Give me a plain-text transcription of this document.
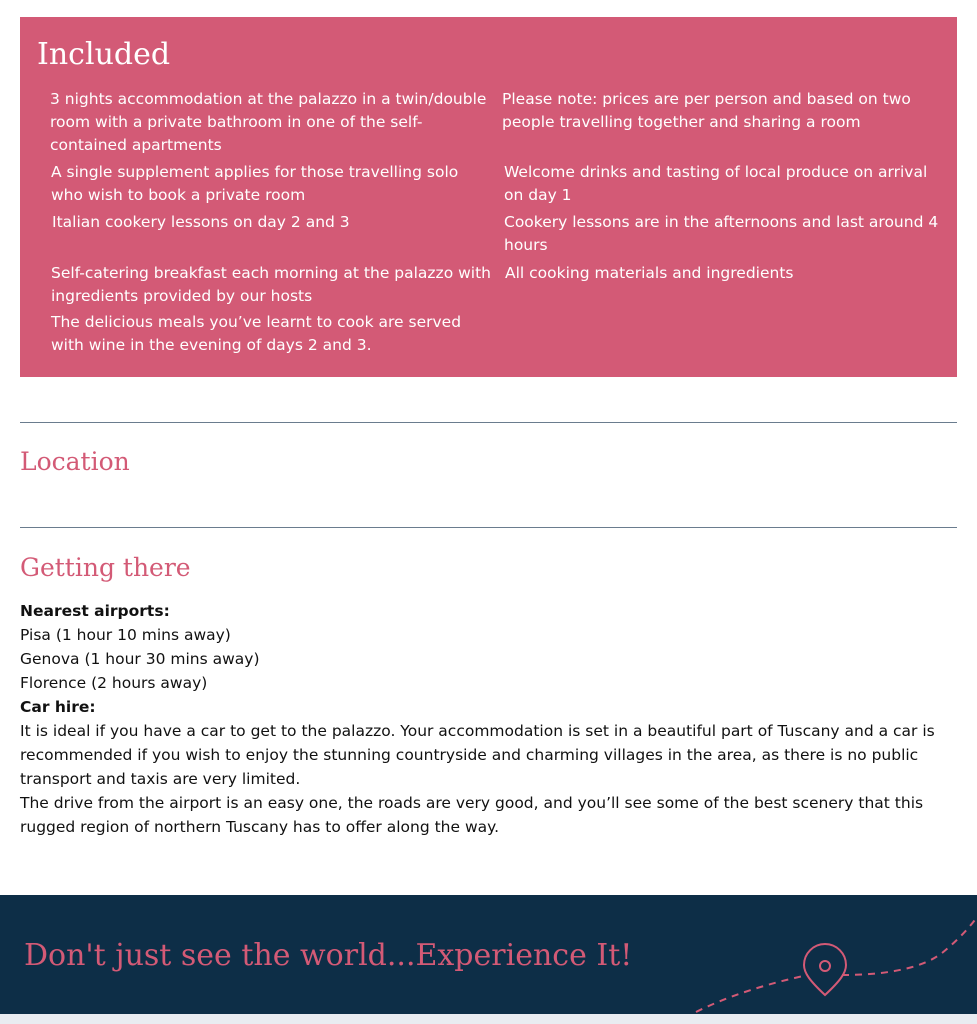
Included
3 nights accommodation at the palazzo in a twin/double room with a private bathroom in one of the self-contained apartments
A single supplement applies for those travelling solo who wish to book a private room
Italian cookery lessons on day 2 and 3
Self-catering breakfast each morning at the palazzo with ingredients provided by our hosts
The delicious meals you’ve learnt to cook are served with wine in the evening of days 2 and 3.
Please note: prices are per person and based on two people travelling together and sharing a room
Welcome drinks and tasting of local produce on arrival on day 1
Cookery lessons are in the afternoons and last around 4 hours
All cooking materials and ingredients
Location
Getting there
Nearest airports:
Pisa (1 hour 10 mins away)
Genova (1 hour 30 mins away)
Florence (2 hours away)
Car hire:
It is ideal if you have a car to get to the palazzo. Your accommodation is set in a beautiful part of Tuscany and a car is recommended if you wish to enjoy the stunning countryside and charming villages in the area, as there is no public transport and taxis are very limited.
The drive from the airport is an easy one, the roads are very good, and you’ll see some of the best scenery that this rugged region of northern Tuscany has to offer along the way.
Don't just see the world...Experience It!
